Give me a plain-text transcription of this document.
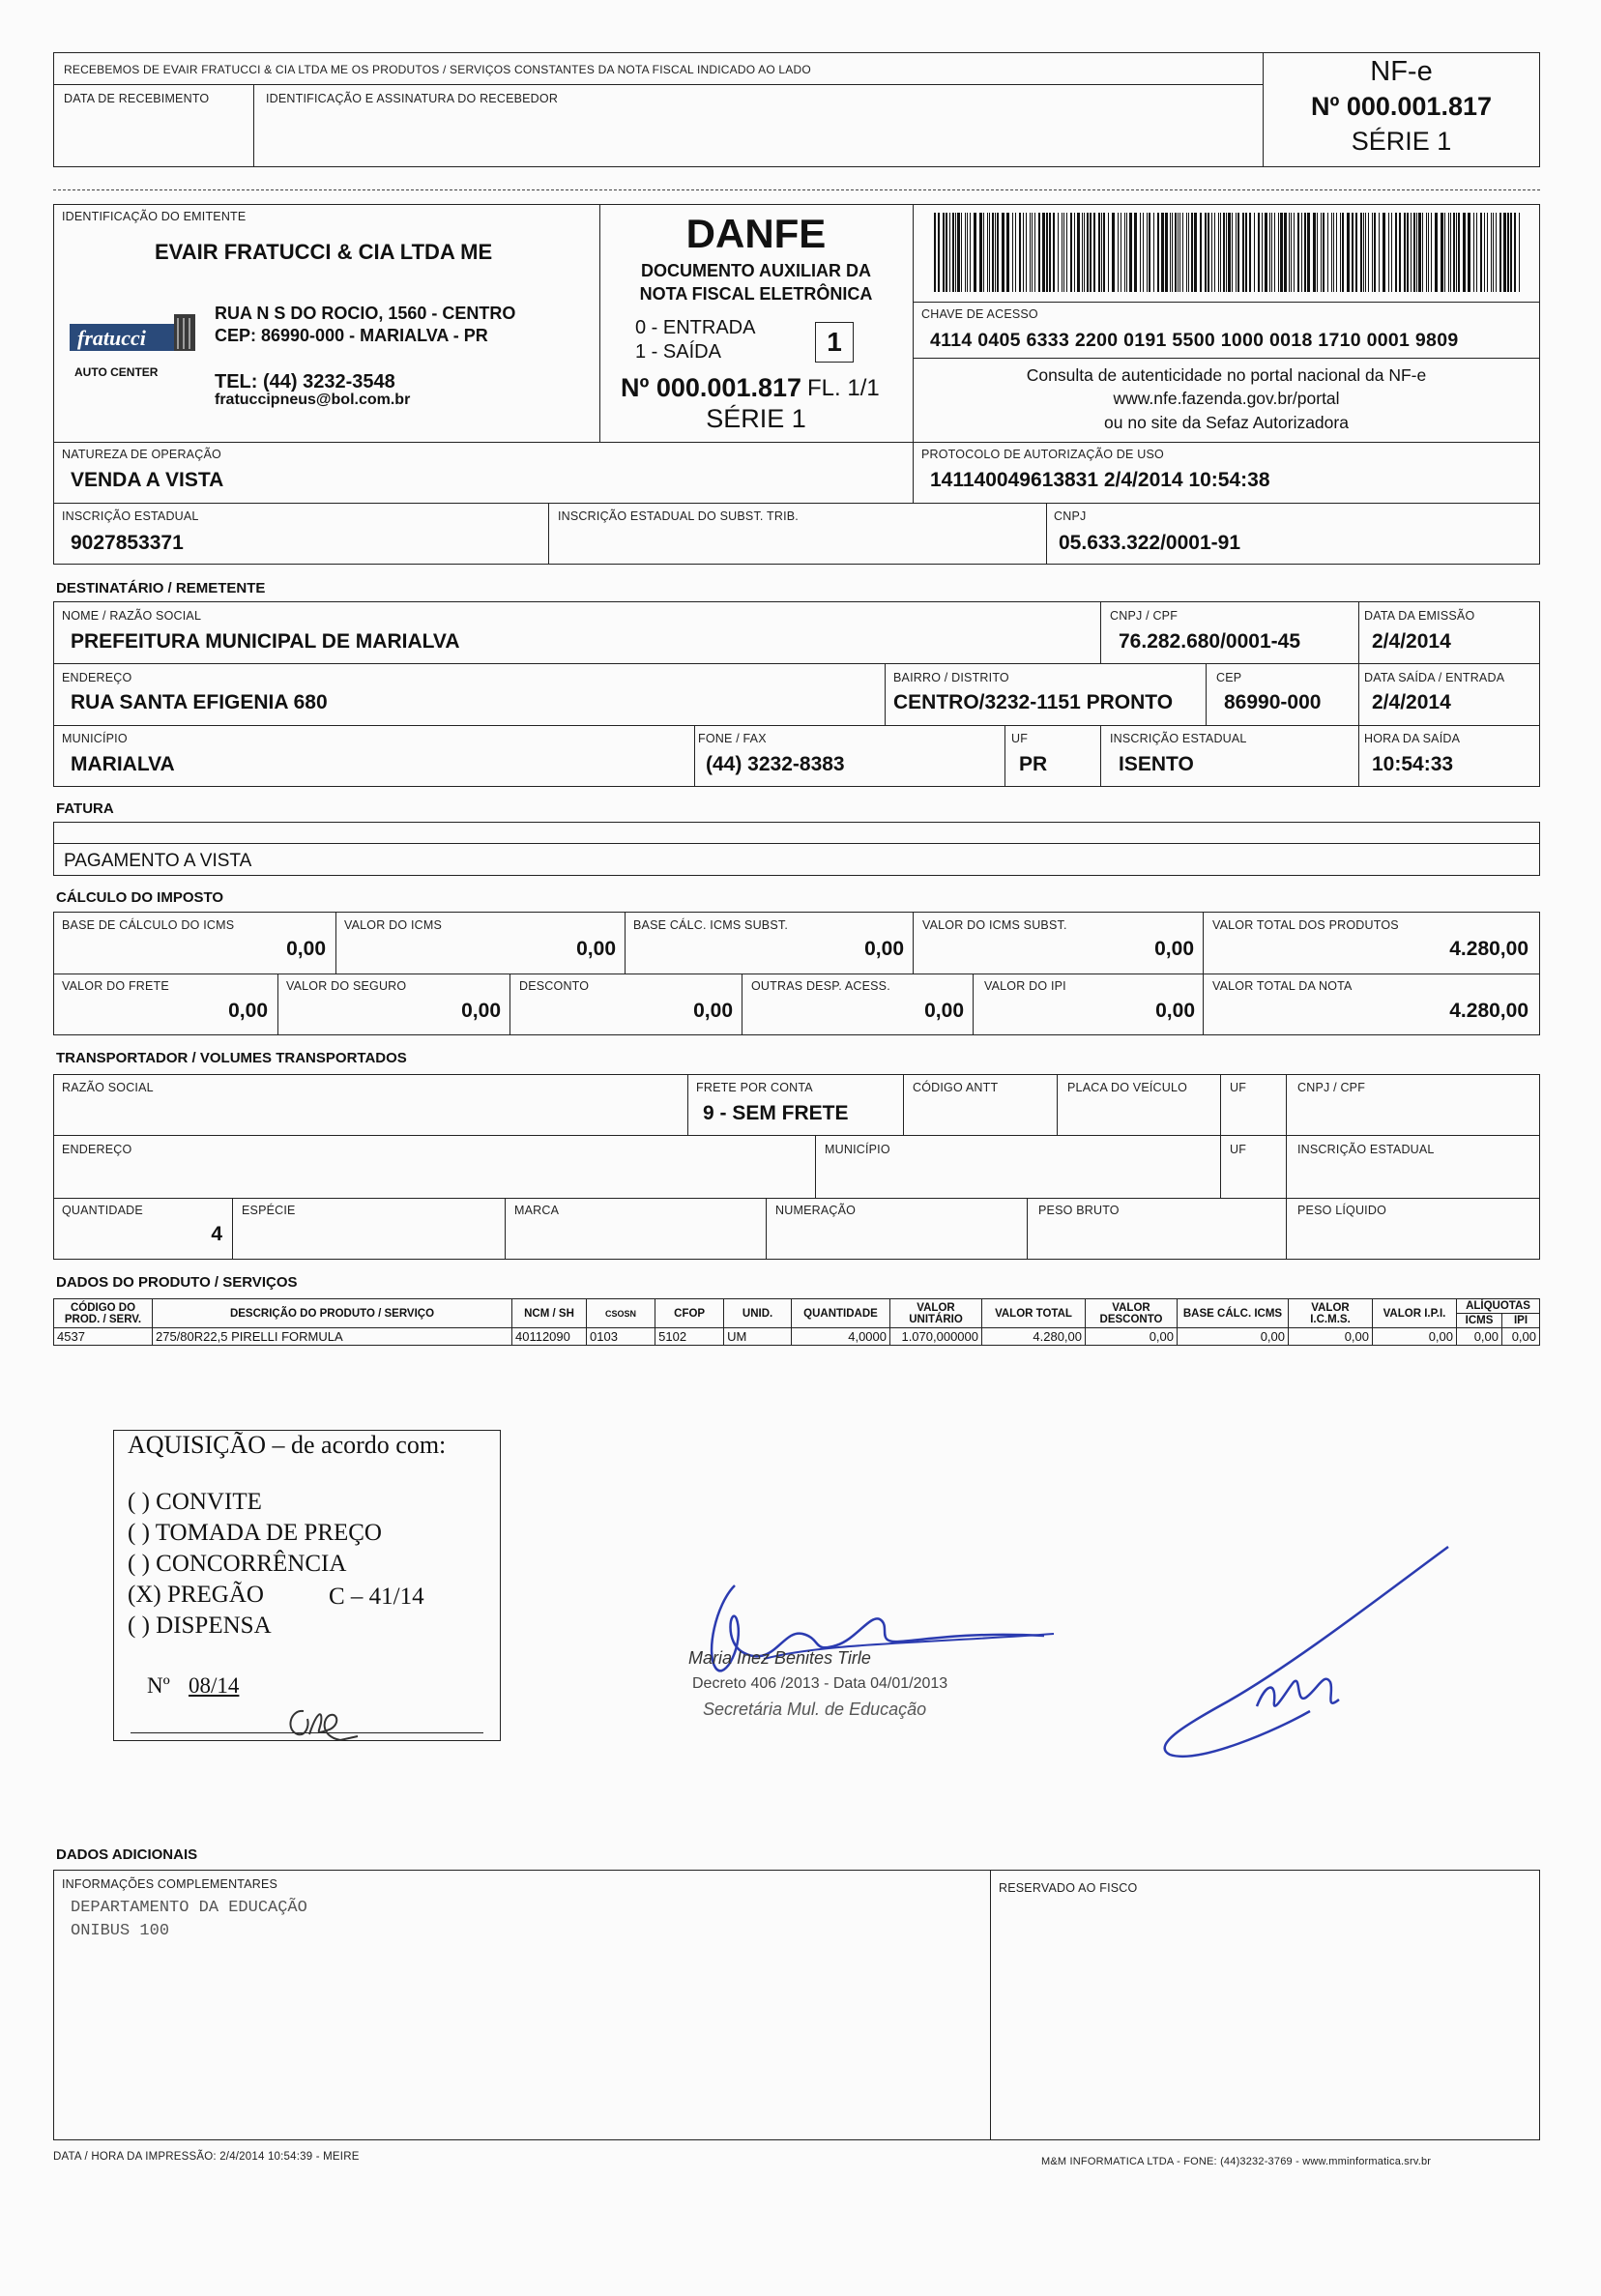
RECEBEMOS DE EVAIR FRATUCCI & CIA LTDA ME OS PRODUTOS / SERVIÇOS CONSTANTES DA NOTA FISCAL INDICADO AO LADO
DATA DE RECEBIMENTO	IDENTIFICAÇÃO E ASSINATURA DO RECEBEDOR
NF-e
Nº 000.001.817
SÉRIE 1
IDENTIFICAÇÃO DO EMITENTE
EVAIR FRATUCCI & CIA LTDA ME
fratucci
AUTO CENTER
RUA N S DO ROCIO, 1560 - CENTRO
CEP: 86990-000 - MARIALVA - PR
TEL: (44) 3232-3548
fratuccipneus@bol.com.br
DANFE
DOCUMENTO AUXILIAR DA
NOTA FISCAL ELETRÔNICA
0 - ENTRADA
1 - SAÍDA	1
Nº 000.001.817 FL. 1/1
SÉRIE 1
CHAVE DE ACESSO
4114 0405 6333 2200 0191 5500 1000 0018 1710 0001 9809
Consulta de autenticidade no portal nacional da NF-e
www.nfe.fazenda.gov.br/portal
ou no site da Sefaz Autorizadora
NATUREZA DE OPERAÇÃO
VENDA A VISTA
PROTOCOLO DE AUTORIZAÇÃO DE USO
141140049613831 2/4/2014 10:54:38
INSCRIÇÃO ESTADUAL
9027853371
INSCRIÇÃO ESTADUAL DO SUBST. TRIB.	CNPJ
05.633.322/0001-91
DESTINATÁRIO / REMETENTE
NOME / RAZÃO SOCIAL
PREFEITURA MUNICIPAL DE MARIALVA
CNPJ / CPF
76.282.680/0001-45
DATA DA EMISSÃO
2/4/2014
ENDEREÇO
RUA SANTA EFIGENIA 680
BAIRRO / DISTRITO
CENTRO/3232-1151 PRONTO
CEP
86990-000
DATA SAÍDA / ENTRADA
2/4/2014
MUNICÍPIO
MARIALVA
FONE / FAX
(44) 3232-8383
UF
PR
INSCRIÇÃO ESTADUAL
ISENTO
HORA DA SAÍDA
10:54:33
FATURA
PAGAMENTO A VISTA
CÁLCULO DO IMPOSTO
BASE DE CÁLCULO DO ICMS
0,00
VALOR DO ICMS
0,00
BASE CÁLC. ICMS SUBST.
0,00
VALOR DO ICMS SUBST.
0,00
VALOR TOTAL DOS PRODUTOS
4.280,00
VALOR DO FRETE
0,00
VALOR DO SEGURO
0,00
DESCONTO
0,00
OUTRAS DESP. ACESS.
0,00
VALOR DO IPI
0,00
VALOR TOTAL DA NOTA
4.280,00
TRANSPORTADOR / VOLUMES TRANSPORTADOS
RAZÃO SOCIAL	FRETE POR CONTA
9 - SEM FRETE
CÓDIGO ANTT	PLACA DO VEÍCULO	UF	CNPJ / CPF
ENDEREÇO	MUNICÍPIO	UF	INSCRIÇÃO ESTADUAL
QUANTIDADE
4
ESPÉCIE	MARCA	NUMERAÇÃO	PESO BRUTO	PESO LÍQUIDO
DADOS DO PRODUTO / SERVIÇOS
CÓDIGO DO PROD. / SERV.	DESCRIÇÃO DO PRODUTO / SERVIÇO	NCM / SH	CSOSN	CFOP	UNID.	QUANTIDADE	VALOR UNITÁRIO	VALOR TOTAL	VALOR DESCONTO	BASE CÁLC. ICMS	VALOR I.C.M.S.	VALOR I.P.I.	ALÍQUOTAS	
													ICMS	IPI
4537	275/80R22,5 PIRELLI FORMULA	40112090	0103	5102	UM	4,0000	1.070,000000	4.280,00	0,00	0,00	0,00	0,00	0,00	0,00
AQUISIÇÃO – de acordo com:
( ) CONVITE
( ) TOMADA DE PREÇO
( ) CONCORRÊNCIA
(X) PREGÃO	C – 41/14
( ) DISPENSA
Nº 08/14
Maria Inez Benites Tirle
Decreto 406 /2013 - Data 04/01/2013
Secretária Mul. de Educação
DADOS ADICIONAIS
INFORMAÇÕES COMPLEMENTARES
DEPARTAMENTO DA EDUCAÇÃO
ONIBUS 100
RESERVADO AO FISCO
DATA / HORA DA IMPRESSÃO: 2/4/2014 10:54:39 - MEIRE	M&M INFORMATICA LTDA - FONE: (44)3232-3769 - www.mminformatica.srv.br
